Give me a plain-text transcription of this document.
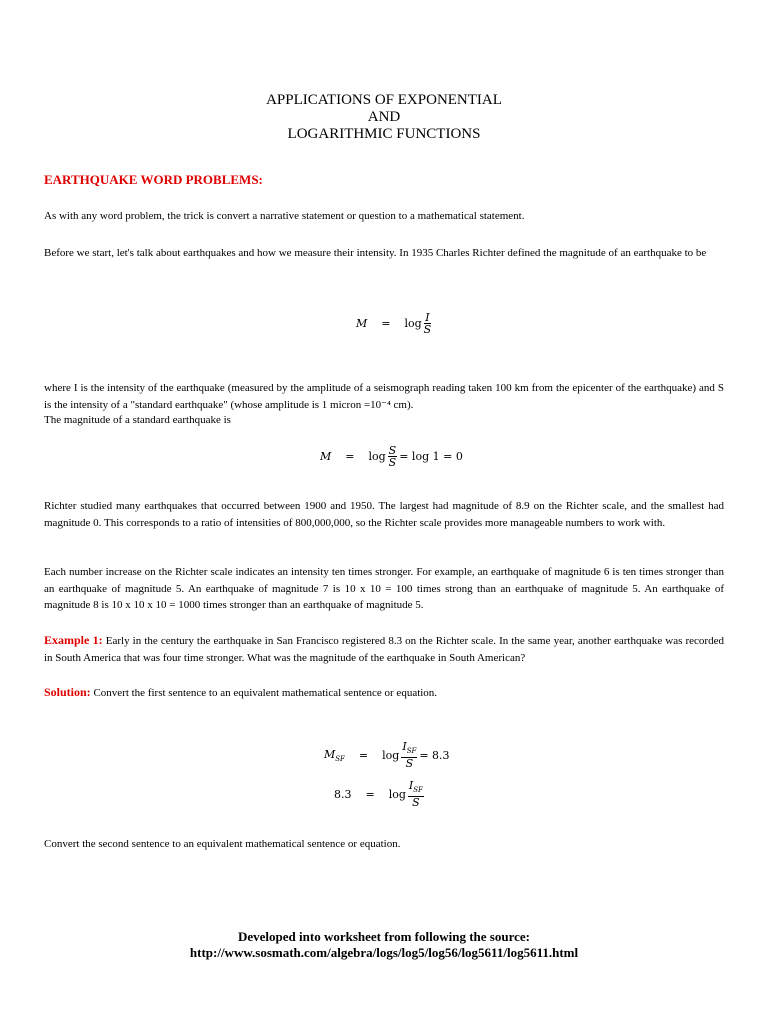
APPLICATIONS OF EXPONENTIAL
AND
LOGARITHMIC FUNCTIONS
EARTHQUAKE WORD PROBLEMS:
As with any word problem, the trick is convert a narrative statement or question to a mathematical statement.
Before we start, let's talk about earthquakes and how we measure their intensity. In 1935 Charles Richter defined the magnitude of an earthquake to be
$M = \log \frac{I}{S}$
where I is the intensity of the earthquake (measured by the amplitude of a seismograph reading taken 100 km from the epicenter of the earthquake) and S is the intensity of a "standard earthquake" (whose amplitude is 1 micron =10⁻⁴ cm).
The magnitude of a standard earthquake is
$M = \log \frac{S}{S} = \log 1 = 0$
Richter studied many earthquakes that occurred between 1900 and 1950. The largest had magnitude of 8.9 on the Richter scale, and the smallest had magnitude 0. This corresponds to a ratio of intensities of 800,000,000, so the Richter scale provides more manageable numbers to work with.
Each number increase on the Richter scale indicates an intensity ten times stronger. For example, an earthquake of magnitude 6 is ten times stronger than an earthquake of magnitude 5. An earthquake of magnitude 7 is 10 x 10 = 100 times strong than an earthquake of magnitude 5. An earthquake of magnitude 8 is 10 x 10 x 10 = 1000 times stronger than an earthquake of magnitude 5.
Example 1: Early in the century the earthquake in San Francisco registered 8.3 on the Richter scale. In the same year, another earthquake was recorded in South America that was four time stronger. What was the magnitude of the earthquake in South American?
Solution: Convert the first sentence to an equivalent mathematical sentence or equation.
$M_{SF} = \log \frac{I_{SF}}{S} = 8.3$
$8.3 = \log \frac{I_{SF}}{S}$
Convert the second sentence to an equivalent mathematical sentence or equation.
Developed into worksheet from following the source:
http://www.sosmath.com/algebra/logs/log5/log56/log5611/log5611.html
